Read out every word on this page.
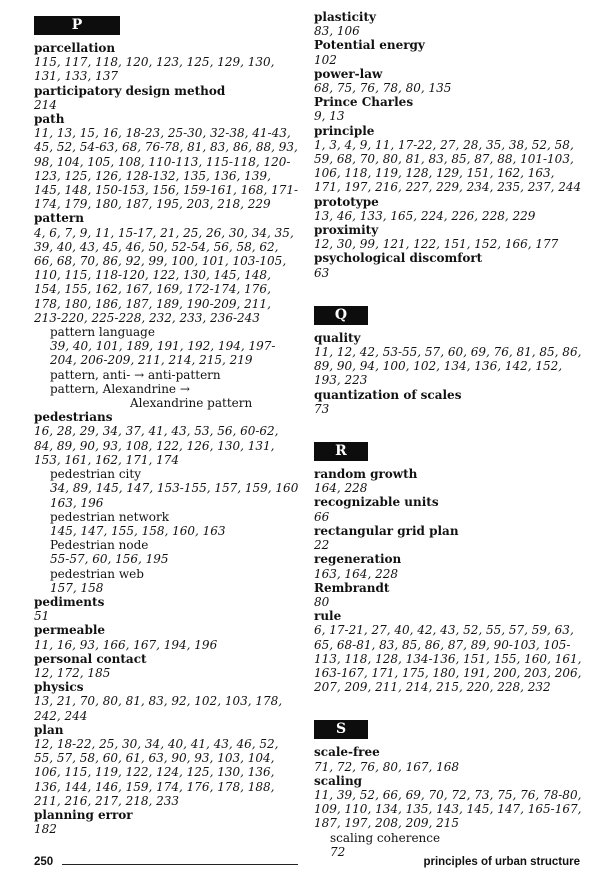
P
parcellation
115, 117, 118, 120, 123, 125, 129, 130, 131, 133, 137
participatory design method
214
path
11, 13, 15, 16, 18-23, 25-30, 32-38, 41-43, 45, 52, 54-63, 68, 76-78, 81, 83, 86, 88, 93, 98, 104, 105, 108, 110-113, 115-118, 120-123, 125, 126, 128-132, 135, 136, 139, 145, 148, 150-153, 156, 159-161, 168, 171-174, 179, 180, 187, 195, 203, 218, 229
pattern
4, 6, 7, 9, 11, 15-17, 21, 25, 26, 30, 34, 35, 39, 40, 43, 45, 46, 50, 52-54, 56, 58, 62, 66, 68, 70, 86, 92, 99, 100, 101, 103-105, 110, 115, 118-120, 122, 130, 145, 148, 154, 155, 162, 167, 169, 172-174, 176, 178, 180, 186, 187, 189, 190-209, 211, 213-220, 225-228, 232, 233, 236-243
pattern language
39, 40, 101, 189, 191, 192, 194, 197-204, 206-209, 211, 214, 215, 219
pattern, anti- → anti-pattern
pattern, Alexandrine →
Alexandrine pattern
pedestrians
16, 28, 29, 34, 37, 41, 43, 53, 56, 60-62, 84, 89, 90, 93, 108, 122, 126, 130, 131, 153, 161, 162, 171, 174
pedestrian city
34, 89, 145, 147, 153-155, 157, 159, 160 163, 196
pedestrian network
145, 147, 155, 158, 160, 163
Pedestrian node
55-57, 60, 156, 195
pedestrian web
157, 158
pediments
51
permeable
11, 16, 93, 166, 167, 194, 196
personal contact
12, 172, 185
physics
13, 21, 70, 80, 81, 83, 92, 102, 103, 178, 242, 244
plan
12, 18-22, 25, 30, 34, 40, 41, 43, 46, 52, 55, 57, 58, 60, 61, 63, 90, 93, 103, 104, 106, 115, 119, 122, 124, 125, 130, 136, 136, 144, 146, 159, 174, 176, 178, 188, 211, 216, 217, 218, 233
planning error
182
plasticity
83, 106
Potential energy
102
power-law
68, 75, 76, 78, 80, 135
Prince Charles
9, 13
principle
1, 3, 4, 9, 11, 17-22, 27, 28, 35, 38, 52, 58, 59, 68, 70, 80, 81, 83, 85, 87, 88, 101-103, 106, 118, 119, 128, 129, 151, 162, 163, 171, 197, 216, 227, 229, 234, 235, 237, 244
prototype
13, 46, 133, 165, 224, 226, 228, 229
proximity
12, 30, 99, 121, 122, 151, 152, 166, 177
psychological discomfort
63
Q
quality
11, 12, 42, 53-55, 57, 60, 69, 76, 81, 85, 86, 89, 90, 94, 100, 102, 134, 136, 142, 152, 193, 223
quantization of scales
73
R
random growth
164, 228
recognizable units
66
rectangular grid plan
22
regeneration
163, 164, 228
Rembrandt
80
rule
6, 17-21, 27, 40, 42, 43, 52, 55, 57, 59, 63, 65, 68-81, 83, 85, 86, 87, 89, 90-103, 105-113, 118, 128, 134-136, 151, 155, 160, 161, 163-167, 171, 175, 180, 191, 200, 203, 206, 207, 209, 211, 214, 215, 220, 228, 232
S
scale-free
71, 72, 76, 80, 167, 168
scaling
11, 39, 52, 66, 69, 70, 72, 73, 75, 76, 78-80, 109, 110, 134, 135, 143, 145, 147, 165-167, 187, 197, 208, 209, 215
scaling coherence
72
250	principles of urban structure
